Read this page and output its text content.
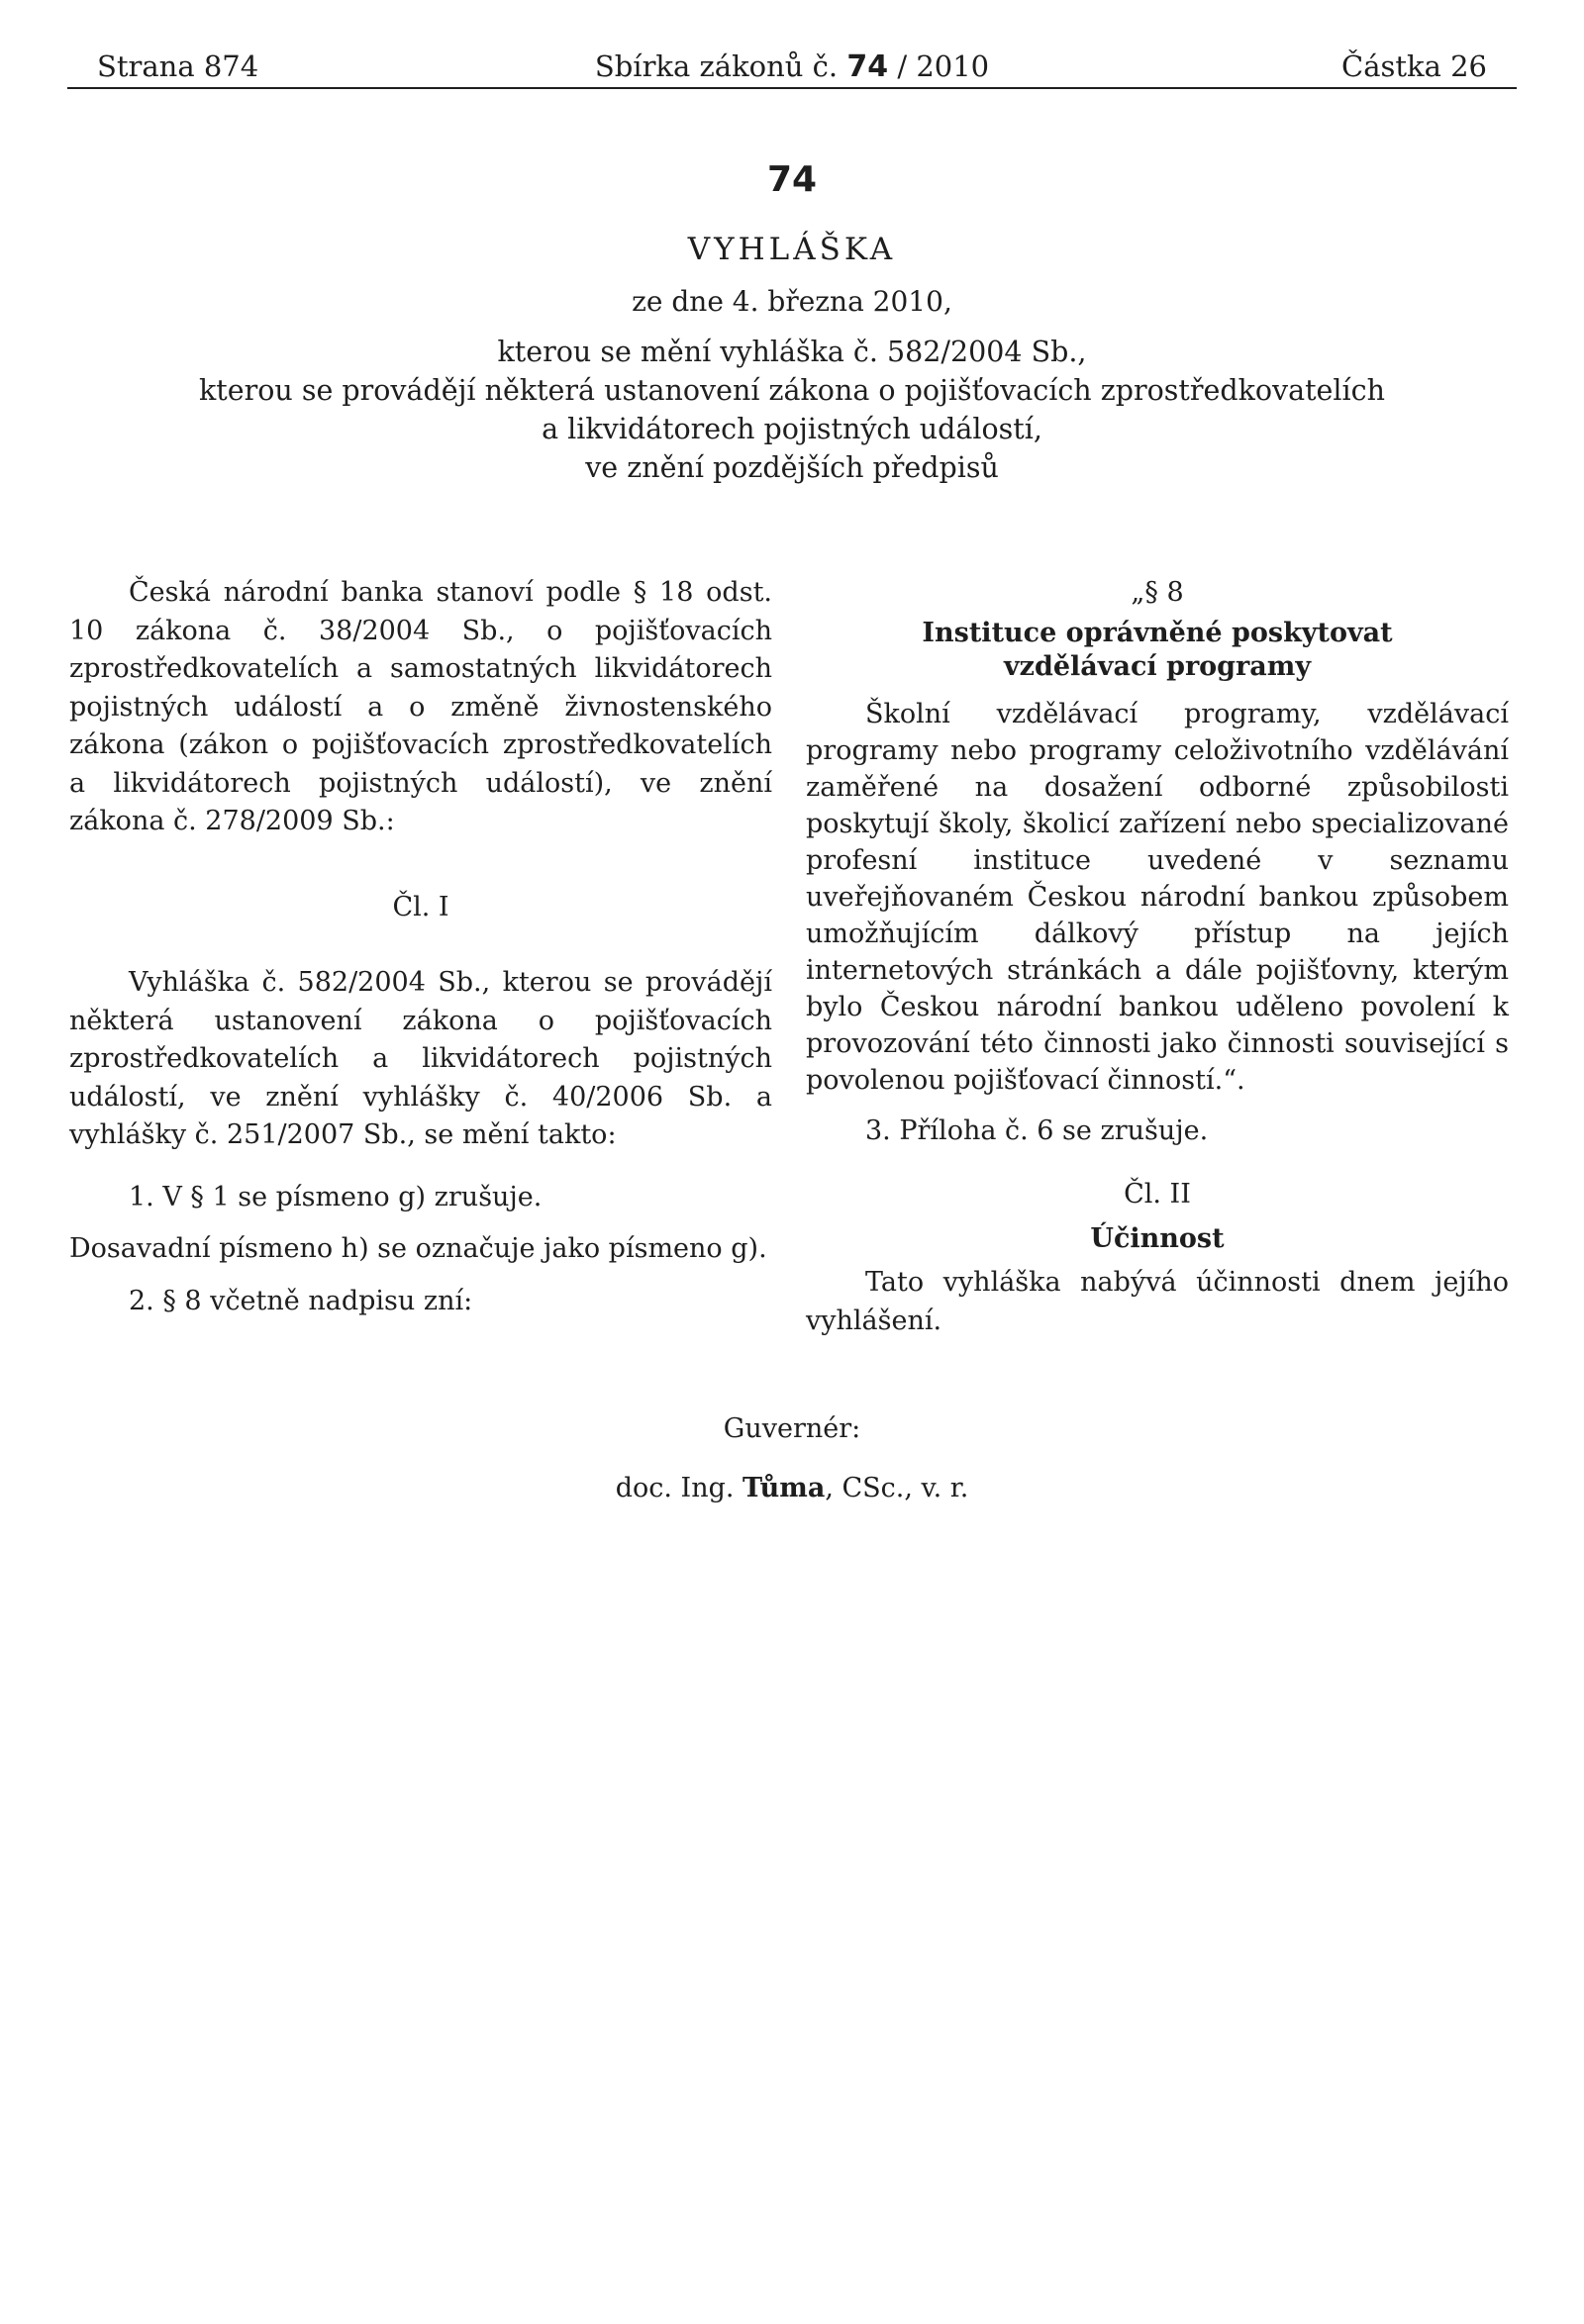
Strana 874	Sbírka zákonů č. 74 / 2010	Částka 26
74
VYHLÁŠKA
ze dne 4. března 2010,
kterou se mění vyhláška č. 582/2004 Sb.,
kterou se provádějí některá ustanovení zákona o pojišťovacích zprostředkovatelích
a likvidátorech pojistných událostí,
ve znění pozdějších předpisů

Česká národní banka stanoví podle § 18 odst. 10 zákona č. 38/2004 Sb., o pojišťovacích zprostředkovatelích a samostatných likvidátorech pojistných událostí a o změně živnostenského zákona (zákon o pojišťovacích zprostředkovatelích a likvidátorech pojistných událostí), ve znění zákona č. 278/2009 Sb.:

Čl. I

Vyhláška č. 582/2004 Sb., kterou se provádějí některá ustanovení zákona o pojišťovacích zprostředkovatelích a likvidátorech pojistných událostí, ve znění vyhlášky č. 40/2006 Sb. a vyhlášky č. 251/2007 Sb., se mění takto:

1. V § 1 se písmeno g) zrušuje.

Dosavadní písmeno h) se označuje jako písmeno g).

2. § 8 včetně nadpisu zní:

„§ 8

Instituce oprávněné poskytovat

vzdělávací programy

Školní vzdělávací programy, vzdělávací programy nebo programy celoživotního vzdělávání zaměřené na dosažení odborné způsobilosti poskytují školy, školicí zařízení nebo specializované profesní instituce uvedené v seznamu uveřejňovaném Českou národní bankou způsobem umožňujícím dálkový přístup na jejích internetových stránkách a dále pojišťovny, kterým bylo Českou národní bankou uděleno povolení k provozování této činnosti jako činnosti související s povolenou pojišťovací činností.“.

3. Příloha č. 6 se zrušuje.

Čl. II

Účinnost

Tato vyhláška nabývá účinnosti dnem jejího vyhlášení.

Guvernér:
doc. Ing. Tůma, CSc., v. r.
